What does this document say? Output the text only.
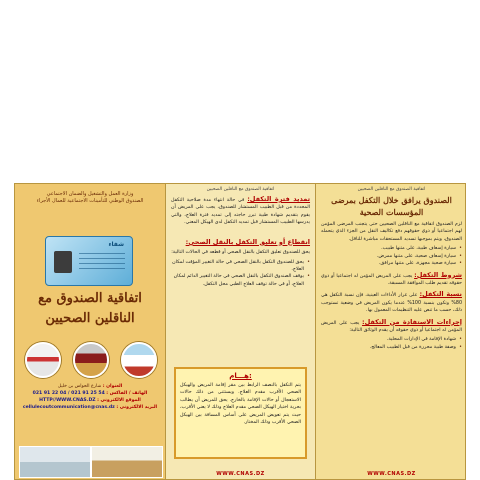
وزارة العمل والتشغيل والضمان الاجتماعي
الصندوق الوطني للتأمينات الاجتماعية للعمال الأجراء
شفاء
اتفاقية الصندوق مع
الناقلين الصحيين
العنوان : شارع الحواس بن خليل
الهاتف / الفاكس : 54 25 91 021 / 04 22 91 021
الموقع الالكتروني : HTTP//WWW.CNAS.DZ
البريد الالكتروني : cellulecoutcommunication@cnas.dz
اتفاقية الصندوق مع الناقلين الصحيين
تمديد فترة التكفل: في حالة انتهاء مدة صلاحية التكفل المحددة من قبل الطبيب المستشار للصندوق، يجب على المريض أن يقوم بتقديم شهادة طبية تبرر حاجته إلى تمديد فترة العلاج، والتي يدرسها الطبيب المستشار قبل تمديد التكفل لدى الهيكل المعني.
انقطاع أو تعليق التكفل بالنقل الصحي:
يحق للصندوق تعليق التكفل بالنقل الصحي أو قطعه في الحالات التالية:
• يحق للصندوق التكفل بالنقل الصحي في حالة التغيير المؤقت لمكان العلاج.
• يوقف الصندوق التكفل بالنقل الصحي في حالة التغيير الدائم لمكان العلاج، أو في حالة توقف العلاج الطبي محل التكفل.
هـــام:
يتم التكفل بالنصف الرابط بين مقر إقامة المريض والهيكل الصحي الأقرب مقدم العلاج. ويستثنى من ذلك حالات الاستعجال أو حالات الإقامة بالخارج. يحق للمريض أن يطالب بحرية اختيار الهيكل الصحي مقدم العلاج وذلك لا يعني الأقرب، حيث يتم تعويض المريض على أساس المسافة بين الهيكل الصحي الأقرب وذلك المختار.
WWW.CNAS.DZ
اتفاقية الصندوق مع الناقلين الصحيين
الصندوق يرافق خلال التكفل بمرضى المؤسسات الصحية
لزم الصندوق اتفاقية مع الناقلين الصحيين حتى يتجنب المرضى المؤمن لهم اجتماعيا أو ذوي حقوقهم دفع تكاليف النقل من الجزء الذي يتحمله الصندوق، ويتم بموجبها تسديد المستحقات مباشرة للناقل.
• سيارة إسعاف طبية، على متنها طبيب.
• سيارة إسعاف صحية، على متنها ممرض.
• سيارة صحية مجهزة، على متنها مرافق.
شروط التكفل: يجب على المريض المؤمن له اجتماعيا أو ذوي حقوقه تقديم طلب الموافقة المسبقة.
نسبة التكفل: على غرار الأداءات العينية، فإن نسبة التكفل هي 80% وتكون بنسبة 100% عندما يكون المريض في وضعية تستوجب ذلك، حسب ما تنص عليه التنظيمات المعمول بها.
إجراءات الاستفادة من التكفل: يجب على المريض المؤمن له اجتماعيا أو ذوي حقوقه أن يقدم الوثائق التالية:
• شهادة الإقامة في الإدارات المحلية.
• وصفة طبية محررة من قبل الطبيب المعالج.
WWW.CNAS.DZ
